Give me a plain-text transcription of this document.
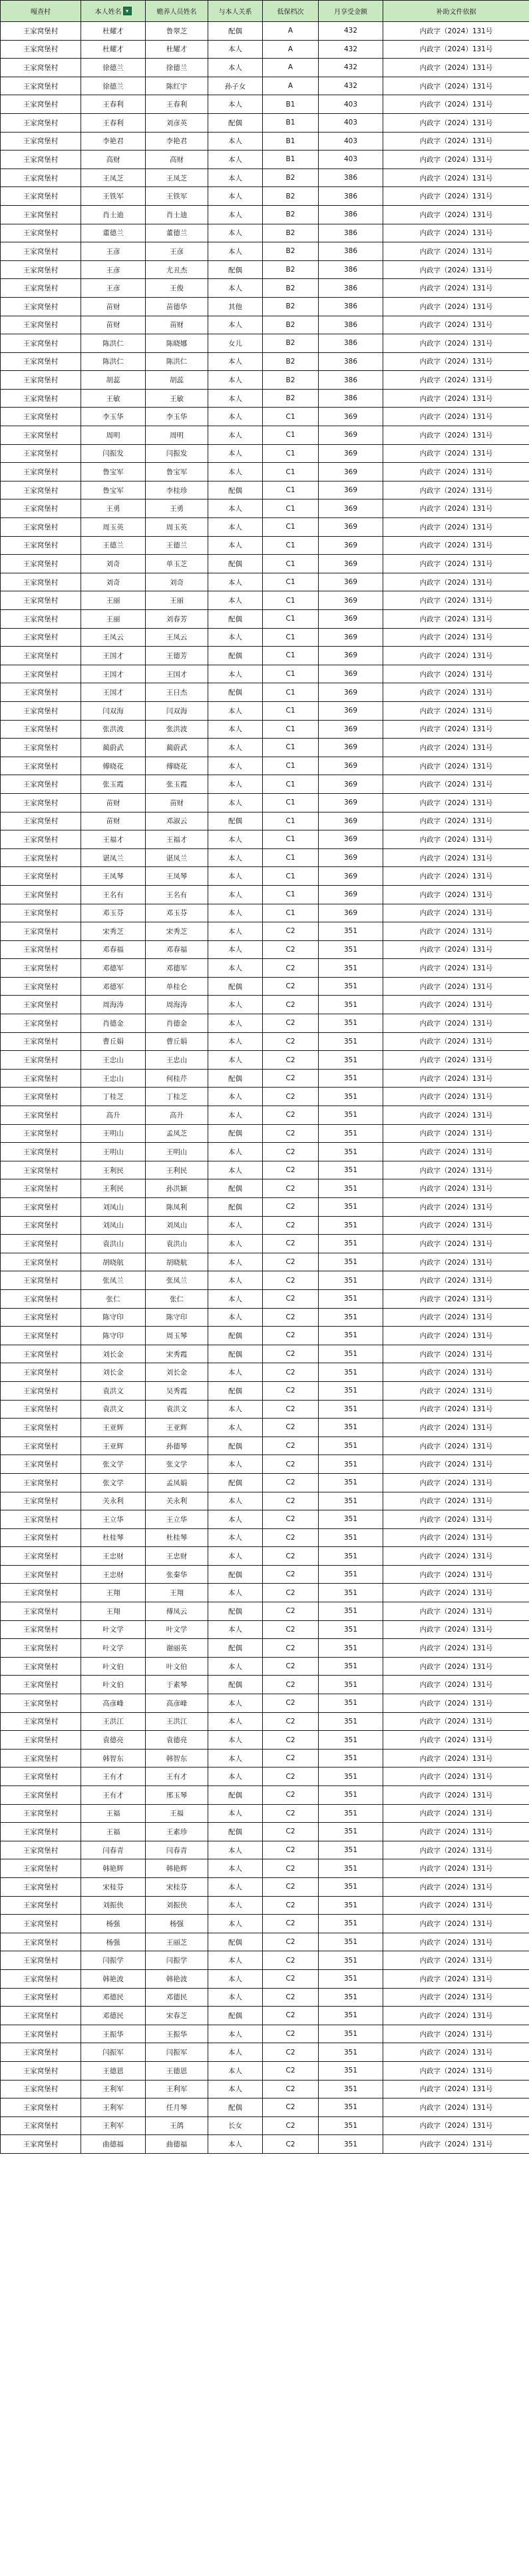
嘎查村	本人姓名 ▾	赡养人员姓名	与本人关系	低保档次	月享受金额	补助文件依据
王家窝堡村	杜耀才	鲁翠芝	配偶	A	432	内政字（2024）131号
王家窝堡村	杜耀才	杜耀才	本人	A	432	内政字（2024）131号
王家窝堡村	徐德兰	徐德兰	本人	A	432	内政字（2024）131号
王家窝堡村	徐德兰	陈红宇	孙子女	A	432	内政字（2024）131号
王家窝堡村	王春利	王春利	本人	B1	403	内政字（2024）131号
王家窝堡村	王春利	刘彦英	配偶	B1	403	内政字（2024）131号
王家窝堡村	李艳君	李艳君	本人	B1	403	内政字（2024）131号
王家窝堡村	高财	高财	本人	B1	403	内政字（2024）131号
王家窝堡村	王凤芝	王凤芝	本人	B2	386	内政字（2024）131号
王家窝堡村	王铁军	王铁军	本人	B2	386	内政字（2024）131号
王家窝堡村	肖士迪	肖士迪	本人	B2	386	内政字（2024）131号
王家窝堡村	董德兰	董德兰	本人	B2	386	内政字（2024）131号
王家窝堡村	王彦	王彦	本人	B2	386	内政字（2024）131号
王家窝堡村	王彦	尤丑杰	配偶	B2	386	内政字（2024）131号
王家窝堡村	王彦	王俊	本人	B2	386	内政字（2024）131号
王家窝堡村	苗财	苗德华	其他	B2	386	内政字（2024）131号
王家窝堡村	苗财	苗财	本人	B2	386	内政字（2024）131号
王家窝堡村	陈洪仁	陈晓娜	女儿	B2	386	内政字（2024）131号
王家窝堡村	陈洪仁	陈洪仁	本人	B2	386	内政字（2024）131号
王家窝堡村	胡蕊	胡蕊	本人	B2	386	内政字（2024）131号
王家窝堡村	王敏	王敏	本人	B2	386	内政字（2024）131号
王家窝堡村	李玉华	李玉华	本人	C1	369	内政字（2024）131号
王家窝堡村	周明	周明	本人	C1	369	内政字（2024）131号
王家窝堡村	闫振发	闫振发	本人	C1	369	内政字（2024）131号
王家窝堡村	鲁宝军	鲁宝军	本人	C1	369	内政字（2024）131号
王家窝堡村	鲁宝军	李桂珍	配偶	C1	369	内政字（2024）131号
王家窝堡村	王勇	王勇	本人	C1	369	内政字（2024）131号
王家窝堡村	周玉英	周玉英	本人	C1	369	内政字（2024）131号
王家窝堡村	王德兰	王德兰	本人	C1	369	内政字（2024）131号
王家窝堡村	刘奇	单玉芝	配偶	C1	369	内政字（2024）131号
王家窝堡村	刘奇	刘奇	本人	C1	369	内政字（2024）131号
王家窝堡村	王丽	王丽	本人	C1	369	内政字（2024）131号
王家窝堡村	王丽	刘春芳	配偶	C1	369	内政字（2024）131号
王家窝堡村	王凤云	王凤云	本人	C1	369	内政字（2024）131号
王家窝堡村	王国才	王德芳	配偶	C1	369	内政字（2024）131号
王家窝堡村	王国才	王国才	本人	C1	369	内政字（2024）131号
王家窝堡村	王国才	王日杰	配偶	C1	369	内政字（2024）131号
王家窝堡村	闫双海	闫双海	本人	C1	369	内政字（2024）131号
王家窝堡村	张洪波	张洪波	本人	C1	369	内政字（2024）131号
王家窝堡村	蔺蔚武	蔺蔚武	本人	C1	369	内政字（2024）131号
王家窝堡村	傅晓花	傅晓花	本人	C1	369	内政字（2024）131号
王家窝堡村	张玉霞	张玉霞	本人	C1	369	内政字（2024）131号
王家窝堡村	苗财	苗财	本人	C1	369	内政字（2024）131号
王家窝堡村	苗财	邓淑云	配偶	C1	369	内政字（2024）131号
王家窝堡村	王福才	王福才	本人	C1	369	内政字（2024）131号
王家窝堡村	谌凤兰	谌凤兰	本人	C1	369	内政字（2024）131号
王家窝堡村	王凤琴	王凤琴	本人	C1	369	内政字（2024）131号
王家窝堡村	王名有	王名有	本人	C1	369	内政字（2024）131号
王家窝堡村	邓玉芬	邓玉芬	本人	C1	369	内政字（2024）131号
王家窝堡村	宋秀芝	宋秀芝	本人	C2	351	内政字（2024）131号
王家窝堡村	邓春福	邓春福	本人	C2	351	内政字（2024）131号
王家窝堡村	邓德军	邓德军	本人	C2	351	内政字（2024）131号
王家窝堡村	邓德军	单桂仑	配偶	C2	351	内政字（2024）131号
王家窝堡村	周海涛	周海涛	本人	C2	351	内政字（2024）131号
王家窝堡村	肖德金	肖德金	本人	C2	351	内政字（2024）131号
王家窝堡村	曹丘娟	曹丘娟	本人	C2	351	内政字（2024）131号
王家窝堡村	王忠山	王忠山	本人	C2	351	内政字（2024）131号
王家窝堡村	王忠山	何桂芹	配偶	C2	351	内政字（2024）131号
王家窝堡村	丁桂芝	丁桂芝	本人	C2	351	内政字（2024）131号
王家窝堡村	高升	高升	本人	C2	351	内政字（2024）131号
王家窝堡村	王明山	孟凤芝	配偶	C2	351	内政字（2024）131号
王家窝堡村	王明山	王明山	本人	C2	351	内政字（2024）131号
王家窝堡村	王利民	王利民	本人	C2	351	内政字（2024）131号
王家窝堡村	王利民	孙洪颖	配偶	C2	351	内政字（2024）131号
王家窝堡村	刘凤山	陈凤利	配偶	C2	351	内政字（2024）131号
王家窝堡村	刘凤山	刘凤山	本人	C2	351	内政字（2024）131号
王家窝堡村	袁洪山	袁洪山	本人	C2	351	内政字（2024）131号
王家窝堡村	胡晓航	胡晓航	本人	C2	351	内政字（2024）131号
王家窝堡村	张凤兰	张凤兰	本人	C2	351	内政字（2024）131号
王家窝堡村	张仁	张仁	本人	C2	351	内政字（2024）131号
王家窝堡村	陈守印	陈守印	本人	C2	351	内政字（2024）131号
王家窝堡村	陈守印	周玉琴	配偶	C2	351	内政字（2024）131号
王家窝堡村	刘长金	宋秀霞	配偶	C2	351	内政字（2024）131号
王家窝堡村	刘长金	刘长金	本人	C2	351	内政字（2024）131号
王家窝堡村	袁洪文	吴秀霞	配偶	C2	351	内政字（2024）131号
王家窝堡村	袁洪文	袁洪文	本人	C2	351	内政字（2024）131号
王家窝堡村	王亚辉	王亚辉	本人	C2	351	内政字（2024）131号
王家窝堡村	王亚辉	孙德琴	配偶	C2	351	内政字（2024）131号
王家窝堡村	张文学	张文学	本人	C2	351	内政字（2024）131号
王家窝堡村	张文学	孟凤娟	配偶	C2	351	内政字（2024）131号
王家窝堡村	关永利	关永利	本人	C2	351	内政字（2024）131号
王家窝堡村	王立华	王立华	本人	C2	351	内政字（2024）131号
王家窝堡村	杜桂琴	杜桂琴	本人	C2	351	内政字（2024）131号
王家窝堡村	王忠财	王忠财	本人	C2	351	内政字（2024）131号
王家窝堡村	王忠财	张秦华	配偶	C2	351	内政字（2024）131号
王家窝堡村	王翔	王翔	本人	C2	351	内政字（2024）131号
王家窝堡村	王翔	傅凤云	配偶	C2	351	内政字（2024）131号
王家窝堡村	叶文学	叶文学	本人	C2	351	内政字（2024）131号
王家窝堡村	叶文学	谢丽英	配偶	C2	351	内政字（2024）131号
王家窝堡村	叶文伯	叶文伯	本人	C2	351	内政字（2024）131号
王家窝堡村	叶文伯	于素琴	配偶	C2	351	内政字（2024）131号
王家窝堡村	高彦峰	高彦峰	本人	C2	351	内政字（2024）131号
王家窝堡村	王洪江	王洪江	本人	C2	351	内政字（2024）131号
王家窝堡村	袁德亮	袁德亮	本人	C2	351	内政字（2024）131号
王家窝堡村	韩智东	韩智东	本人	C2	351	内政字（2024）131号
王家窝堡村	王有才	王有才	本人	C2	351	内政字（2024）131号
王家窝堡村	王有才	邢玉琴	配偶	C2	351	内政字（2024）131号
王家窝堡村	王福	王福	本人	C2	351	内政字（2024）131号
王家窝堡村	王福	王素珍	配偶	C2	351	内政字（2024）131号
王家窝堡村	闫春青	闫春青	本人	C2	351	内政字（2024）131号
王家窝堡村	韩艳辉	韩艳辉	本人	C2	351	内政字（2024）131号
王家窝堡村	宋桂芬	宋桂芬	本人	C2	351	内政字（2024）131号
王家窝堡村	刘振侠	刘振侠	本人	C2	351	内政字（2024）131号
王家窝堡村	杨强	杨强	本人	C2	351	内政字（2024）131号
王家窝堡村	杨强	王丽芝	配偶	C2	351	内政字（2024）131号
王家窝堡村	闫振学	闫振学	本人	C2	351	内政字（2024）131号
王家窝堡村	韩艳波	韩艳波	本人	C2	351	内政字（2024）131号
王家窝堡村	邓德民	邓德民	本人	C2	351	内政字（2024）131号
王家窝堡村	邓德民	宋春芝	配偶	C2	351	内政字（2024）131号
王家窝堡村	王振华	王振华	本人	C2	351	内政字（2024）131号
王家窝堡村	闫振军	闫振军	本人	C2	351	内政字（2024）131号
王家窝堡村	王德恩	王德恩	本人	C2	351	内政字（2024）131号
王家窝堡村	王利军	王利军	本人	C2	351	内政字（2024）131号
王家窝堡村	王利军	任月琴	配偶	C2	351	内政字（2024）131号
王家窝堡村	王利军	王鸽	长女	C2	351	内政字（2024）131号
王家窝堡村	曲德福	曲德福	本人	C2	351	内政字（2024）131号
